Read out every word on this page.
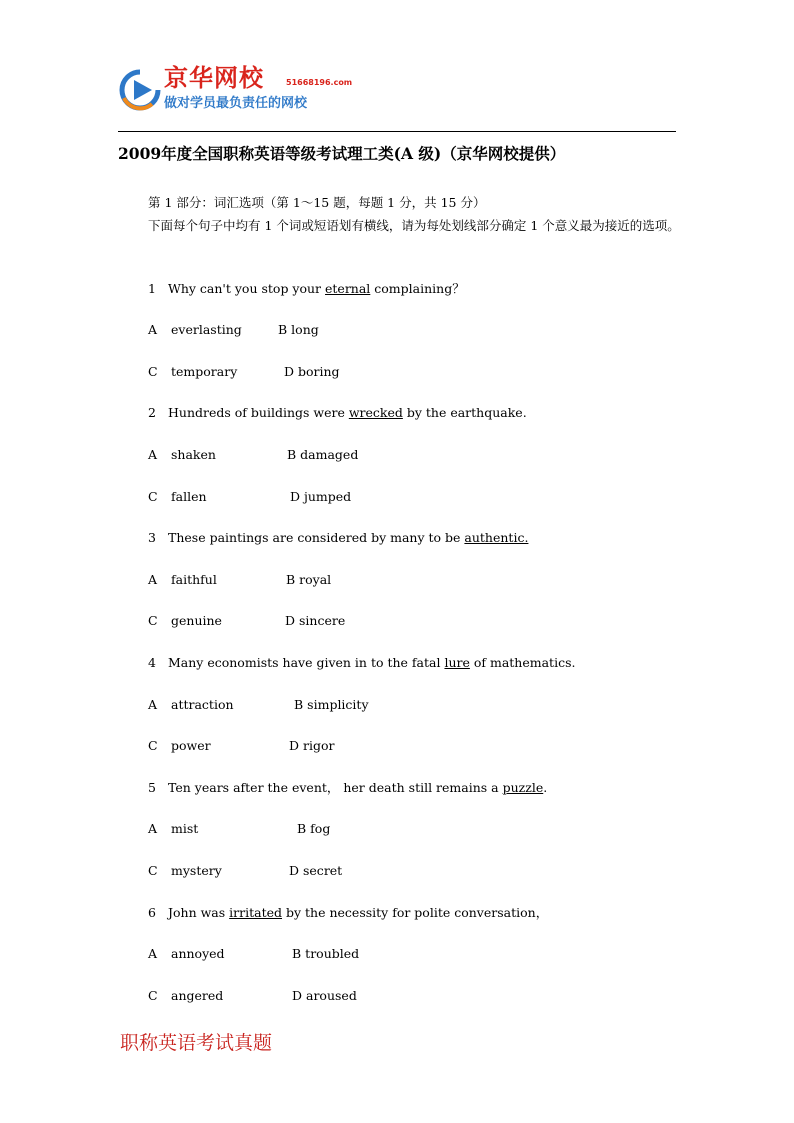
京华网校	51668196.com
做对学员最负责任的网校
2009年度全国职称英语等级考试理工类(A 级)（京华网校提供）
第 1 部分：词汇选项（第 1～15 题，每题 1 分，共 15 分）
下面每个句子中均有 1 个词或短语划有横线，请为每处划线部分确定 1 个意义最为接近的选项。
1 Why can't you stop your eternal complaining？
A everlasting	B long
C temporary	D boring
2 Hundreds of buildings were wrecked by the earthquake.
A shaken	B damaged
C fallen	D jumped
3 These paintings are considered by many to be authentic.
A faithful	B royal
C genuine	D sincere
4 Many economists have given in to the fatal lure of mathematics.
A attraction	B simplicity
C power	D rigor
5 Ten years after the event， her death still remains a puzzle.
A mist	B fog
C mystery	D secret
6 John was irritated by the necessity for polite conversation，
A annoyed	B troubled
C angered	D aroused
职称英语考试真题
